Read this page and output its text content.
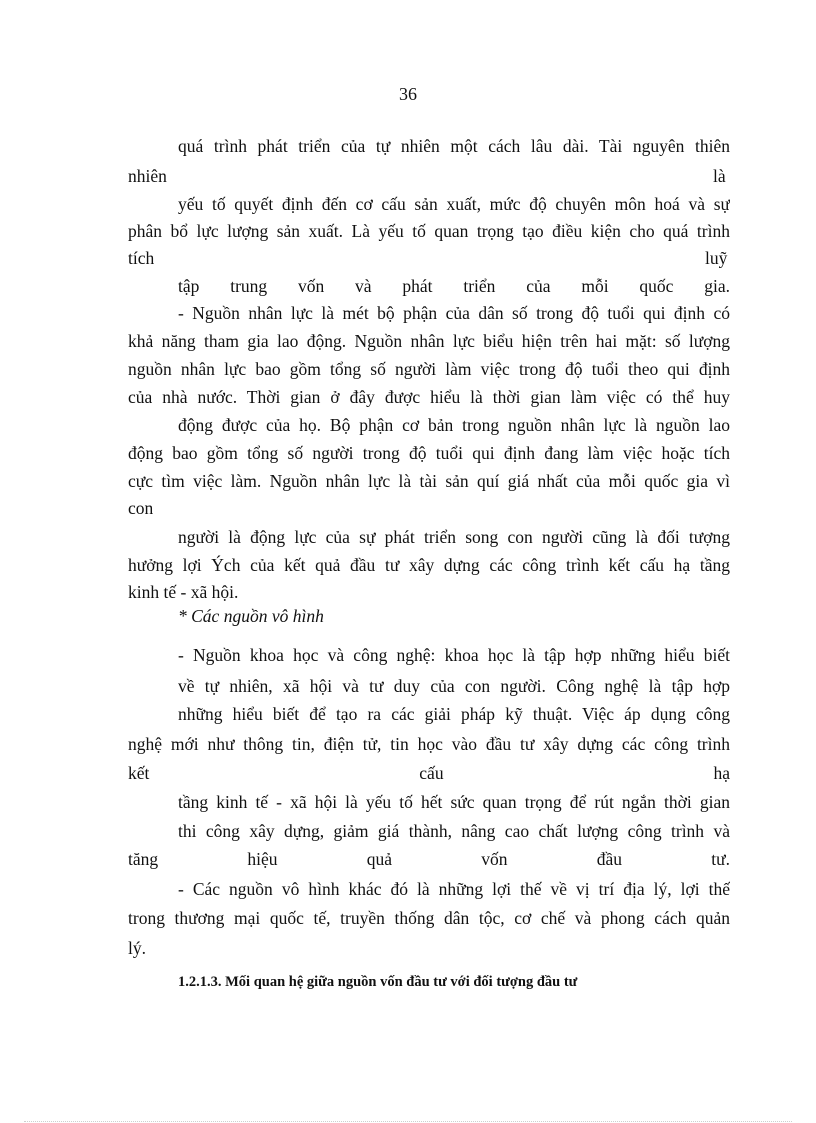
36
quá trình phát triển của tự nhiên một cách lâu dài. Tài nguyên thiên
nhiên	là
yếu tố quyết định đến cơ cấu sản xuất, mức độ chuyên môn hoá và sự
phân bổ lực lượng sản xuất. Là yếu tố quan trọng tạo điều kiện cho quá trình
tích	luỹ
tập trung vốn và phát triển của mỗi quốc gia.
- Nguồn nhân lực là mét bộ phận của dân số trong độ tuổi qui định có
khả năng tham gia lao động. Nguồn nhân lực biểu hiện trên hai mặt: số lượng
nguồn nhân lực bao gồm tổng số người làm việc trong độ tuổi theo qui định
của nhà nước. Thời gian ở đây được hiểu là thời gian làm việc có thể huy
động được của họ. Bộ phận cơ bản trong nguồn nhân lực là nguồn lao
động bao gồm tổng số người trong độ tuổi qui định đang làm việc hoặc tích
cực tìm việc làm. Nguồn nhân lực là tài sản quí giá nhất của mỗi quốc gia vì
con
người là động lực của sự phát triển song con người cũng là đối tượng
hưởng lợi Ých của kết quả đầu tư xây dựng các công trình kết cấu hạ tầng
kinh tế - xã hội.
* Các nguồn vô hình
- Nguồn khoa học và công nghệ: khoa học là tập hợp những hiểu biết
về tự nhiên, xã hội và tư duy của con người. Công nghệ là tập hợp
những hiểu biết để tạo ra các giải pháp kỹ thuật. Việc áp dụng công
nghệ mới như thông tin, điện tử, tin học vào đầu tư xây dựng các công trình
kết cấu hạ
tầng kinh tế - xã hội là yếu tố hết sức quan trọng để rút ngắn thời gian
thi công xây dựng, giảm giá thành, nâng cao chất lượng công trình và
tăng hiệu quả vốn đầu tư.
- Các nguồn vô hình khác đó là những lợi thế về vị trí địa lý, lợi thế
trong thương mại quốc tế, truyền thống dân tộc, cơ chế và phong cách quản
lý.
1.2.1.3. Mối quan hệ giữa nguồn vốn đầu tư với đối tượng đầu tư
